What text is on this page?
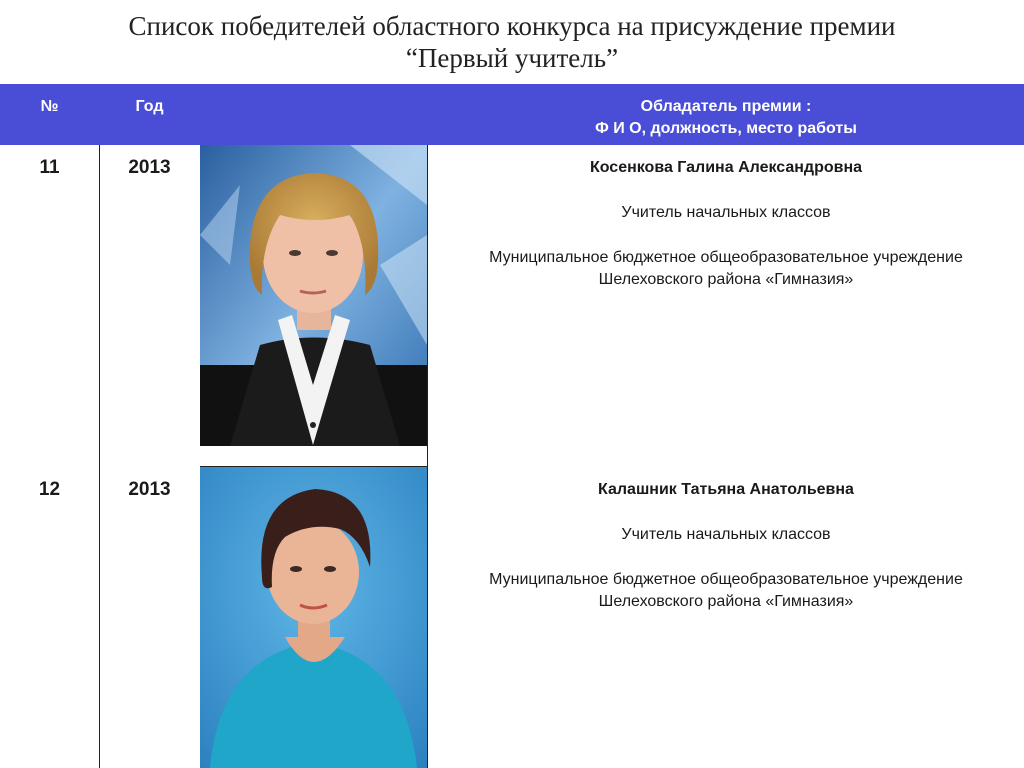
Список победителей областного конкурса на присуждение премии
“Первый учитель”
№	Год	Обладатель премии :
Ф И О, должность, место работы
11	2013	Косенкова Галина Александровна
Учитель начальных классов
Муниципальное бюджетное общеобразовательное учреждение
Шелеховского района «Гимназия»
12	2013	Калашник Татьяна Анатольевна
Учитель начальных классов
Муниципальное бюджетное общеобразовательное учреждение
Шелеховского района «Гимназия»
